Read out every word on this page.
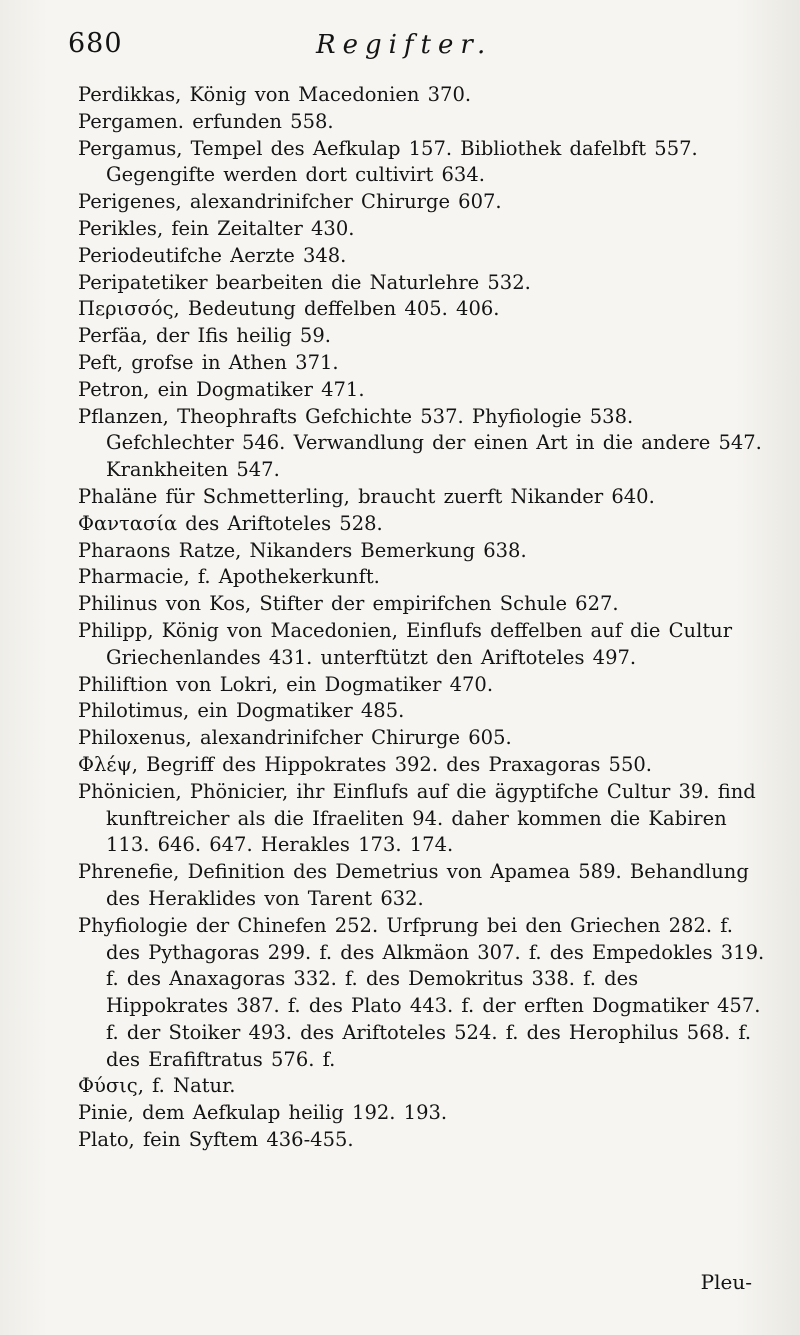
680	Regifter.
Perdikkas, König von Macedonien 370.
Pergamen. erfunden 558.
Pergamus, Tempel des Aefkulap 157. Bibliothek dafelbft 557. Gegengifte werden dort cultivirt 634.
Perigenes, alexandrinifcher Chirurge 607.
Perikles, fein Zeitalter 430.
Periodeutifche Aerzte 348.
Peripatetiker bearbeiten die Naturlehre 532.
Περισσός, Bedeutung deffelben 405. 406.
Perfäa, der Ifis heilig 59.
Peft, grofse in Athen 371.
Petron, ein Dogmatiker 471.
Pflanzen, Theophrafts Gefchichte 537. Phyfiologie 538. Gefchlechter 546. Verwandlung der einen Art in die andere 547. Krankheiten 547.
Phaläne für Schmetterling, braucht zuerft Nikander 640.
Φαντασία des Ariftoteles 528.
Pharaons Ratze, Nikanders Bemerkung 638.
Pharmacie, f. Apothekerkunft.
Philinus von Kos, Stifter der empirifchen Schule 627.
Philipp, König von Macedonien, Einflufs deffelben auf die Cultur Griechenlandes 431. unterftützt den Ariftoteles 497.
Philiftion von Lokri, ein Dogmatiker 470.
Philotimus, ein Dogmatiker 485.
Philoxenus, alexandrinifcher Chirurge 605.
Φλέψ, Begriff des Hippokrates 392. des Praxagoras 550.
Phönicien, Phönicier, ihr Einflufs auf die ägyptifche Cultur 39. find kunftreicher als die Ifraeliten 94. daher kommen die Kabiren 113. 646. 647. Herakles 173. 174.
Phrenefie, Definition des Demetrius von Apamea 589. Behandlung des Heraklides von Tarent 632.
Phyfiologie der Chinefen 252. Urfprung bei den Griechen 282. f. des Pythagoras 299. f. des Alkmäon 307. f. des Empedokles 319. f. des Anaxagoras 332. f. des Demokritus 338. f. des Hippokrates 387. f. des Plato 443. f. der erften Dogmatiker 457. f. der Stoiker 493. des Ariftoteles 524. f. des Herophilus 568. f. des Erafiftratus 576. f.
Φύσις, f. Natur.
Pinie, dem Aefkulap heilig 192. 193.
Plato, fein Syftem 436-455.
Pleu-
